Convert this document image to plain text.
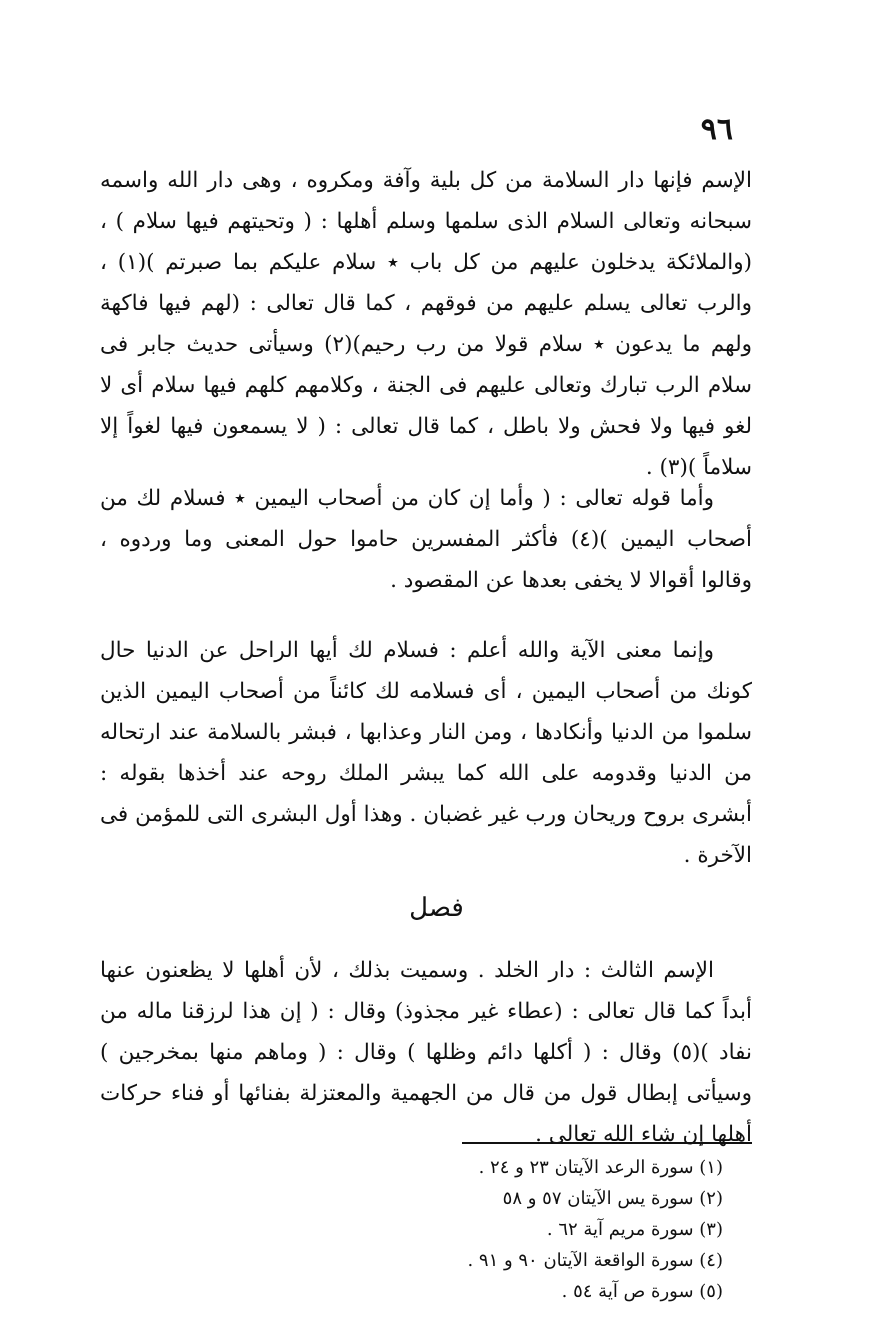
٩٦

الإسم فإنها دار السلامة من كل بلية وآفة ومكروه ، وهى دار الله واسمه سبحانه وتعالى السلام الذى سلمها وسلم أهلها : ( وتحيتهم فيها سلام ) ، (والملائكة يدخلون عليهم من كل باب ٭ سلام عليكم بما صبرتم )(١) ، والرب تعالى يسلم عليهم من فوقهم ، كما قال تعالى : (لهم فيها فاكهة ولهم ما يدعون ٭ سلام قولا من رب رحيم)(٢) وسيأتى حديث جابر فى سلام الرب تبارك وتعالى عليهم فى الجنة ، وكلامهم كلهم فيها سلام أى لا لغو فيها ولا فحش ولا باطل ، كما قال تعالى : ( لا يسمعون فيها لغواً إلا سلاماً )(٣) .

وأما قوله تعالى : ( وأما إن كان من أصحاب اليمين ٭ فسلام لك من أصحاب اليمين )(٤) فأكثر المفسرين حاموا حول المعنى وما وردوه ، وقالوا أقوالا لا يخفى بعدها عن المقصود .

وإنما معنى الآية والله أعلم : فسلام لك أيها الراحل عن الدنيا حال كونك من أصحاب اليمين ، أى فسلامه لك كائناً من أصحاب اليمين الذين سلموا من الدنيا وأنكادها ، ومن النار وعذابها ، فبشر بالسلامة عند ارتحاله من الدنيا وقدومه على الله كما يبشر الملك روحه عند أخذها بقوله : أبشرى بروح وريحان ورب غير غضبان . وهذا أول البشرى التى للمؤمن فى الآخرة .

فصل

الإسم الثالث : دار الخلد . وسميت بذلك ، لأن أهلها لا يظعنون عنها أبداً كما قال تعالى : (عطاء غير مجذوذ) وقال : ( إن هذا لرزقنا ماله من نفاد )(٥) وقال : ( أكلها دائم وظلها ) وقال : ( وماهم منها بمخرجين ) وسيأتى إبطال قول من قال من الجهمية والمعتزلة بفنائها أو فناء حركات أهلها إن شاء الله تعالى .

(١) سورة الرعد الآيتان ٢٣ و ٢٤ .
(٢) سورة يس الآيتان ٥٧ و ٥٨
(٣) سورة مريم آية ٦٢ .
(٤) سورة الواقعة الآيتان ٩٠ و ٩١ .
(٥) سورة ص آية ٥٤ .
